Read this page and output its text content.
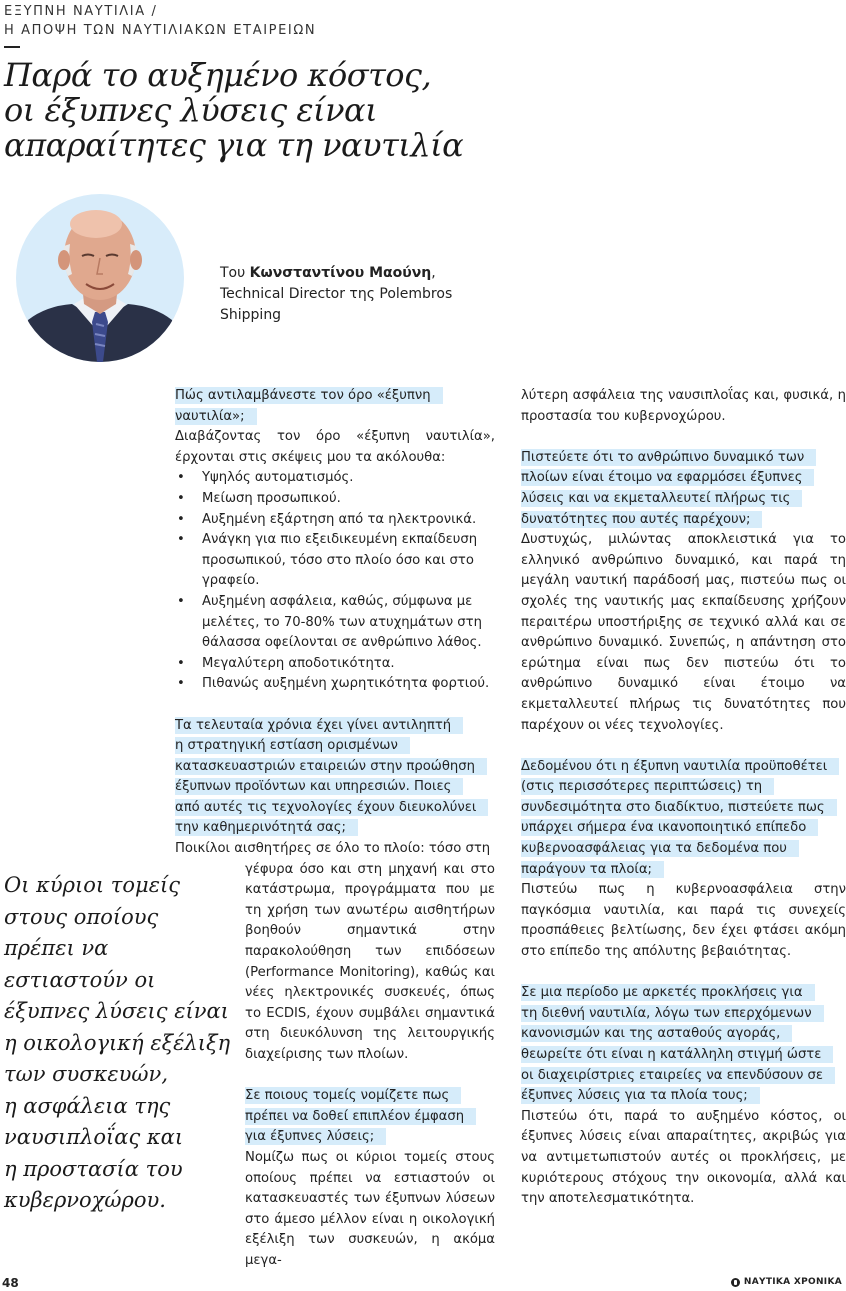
ΕΞΥΠΝΗ ΝΑΥΤΙΛΙΑ /
Η ΑΠΟΨΗ ΤΩΝ ΝΑΥΤΙΛΙΑΚΩΝ ΕΤΑΙΡΕΙΩΝ
Παρά το αυξημένο κόστος,
οι έξυπνες λύσεις είναι
απαραίτητες για τη ναυτιλία
Του Κωνσταντίνου Μαούνη,
Technical Director της Polembros
Shipping
Πώς αντιλαμβάνεστε τον όρο «έξυπνη ναυτιλία»;

Διαβάζοντας τον όρο «έξυπνη ναυτιλία», έρχονται στις σκέψεις μου τα ακόλουθα:

• Υψηλός αυτοματισμός.
• Μείωση προσωπικού.
• Αυξημένη εξάρτηση από τα ηλεκτρονικά.
• Ανάγκη για πιο εξειδικευμένη εκπαίδευση προσωπικού, τόσο στο πλοίο όσο και στο γραφείο.
• Αυξημένη ασφάλεια, καθώς, σύμφωνα με μελέτες, το 70-80% των ατυχημάτων στη θάλασσα οφείλονται σε ανθρώπινο λάθος.
• Μεγαλύτερη αποδοτικότητα.
• Πιθανώς αυξημένη χωρητικότητα φορτιού.
Τα τελευταία χρόνια έχει γίνει αντιληπτή
η στρατηγική εστίαση ορισμένων
κατασκευαστριών εταιρειών στην προώθηση
έξυπνων προϊόντων και υπηρεσιών. Ποιες
από αυτές τις τεχνολογίες έχουν διευκολύνει
την καθημερινότητά σας;

Ποικίλοι αισθητήρες σε όλο το πλοίο: τόσο στη

γέφυρα όσο και στη μηχανή και στο κατάστρωμα, προγράμματα που με τη χρήση των ανωτέρω αισθητήρων βοηθούν σημαντικά στην παρακολούθηση των επιδόσεων (Performance Monitoring), καθώς και νέες ηλεκτρονικές συσκευές, όπως το ECDIS, έχουν συμβάλει σημαντικά στη διευκόλυνση της λειτουργικής διαχείρισης των πλοίων.

Σε ποιους τομείς νομίζετε πως
πρέπει να δοθεί επιπλέον έμφαση
για έξυπνες λύσεις;

Νομίζω πως οι κύριοι τομείς στους οποίους πρέπει να εστιαστούν οι κατασκευαστές των έξυπνων λύσεων στο άμεσο μέλλον είναι η οικολογική εξέλιξη των συσκευών, η ακόμα μεγα-

λύτερη ασφάλεια της ναυσιπλοΐας και, φυσικά, η προστασία του κυβερνοχώρου.

Πιστεύετε ότι το ανθρώπινο δυναμικό των
πλοίων είναι έτοιμο να εφαρμόσει έξυπνες
λύσεις και να εκμεταλλευτεί πλήρως τις
δυνατότητες που αυτές παρέχουν;

Δυστυχώς, μιλώντας αποκλειστικά για το ελληνικό ανθρώπινο δυναμικό, και παρά τη μεγάλη ναυτική παράδοσή μας, πιστεύω πως οι σχολές της ναυτικής μας εκπαίδευσης χρήζουν περαιτέρω υποστήριξης σε τεχνικό αλλά και σε ανθρώπινο δυναμικό. Συνεπώς, η απάντηση στο ερώτημα είναι πως δεν πιστεύω ότι το ανθρώπινο δυναμικό είναι έτοιμο να εκμεταλλευτεί πλήρως τις δυνατότητες που παρέχουν οι νέες τεχνολογίες.

Δεδομένου ότι η έξυπνη ναυτιλία προϋποθέτει
(στις περισσότερες περιπτώσεις) τη
συνδεσιμότητα στο διαδίκτυο, πιστεύετε πως
υπάρχει σήμερα ένα ικανοποιητικό επίπεδο
κυβερνοασφάλειας για τα δεδομένα που
παράγουν τα πλοία;

Πιστεύω πως η κυβερνοασφάλεια στην παγκόσμια ναυτιλία, και παρά τις συνεχείς προσπάθειες βελτίωσης, δεν έχει φτάσει ακόμη στο επίπεδο της απόλυτης βεβαιότητας.

Σε μια περίοδο με αρκετές προκλήσεις για
τη διεθνή ναυτιλία, λόγω των επερχόμενων
κανονισμών και της ασταθούς αγοράς,
θεωρείτε ότι είναι η κατάλληλη στιγμή ώστε
οι διαχειρίστριες εταιρείες να επενδύσουν σε
έξυπνες λύσεις για τα πλοία τους;

Πιστεύω ότι, παρά το αυξημένο κόστος, οι έξυπνες λύσεις είναι απαραίτητες, ακριβώς για να αντιμετωπιστούν αυτές οι προκλήσεις, με κυριότερους στόχους την οικονομία, αλλά και την αποτελεσματικότητα.

Οι κύριοι τομείς
στους οποίους
πρέπει να
εστιαστούν οι
έξυπνες λύσεις είναι
η οικολογική εξέλιξη
των συσκευών,
η ασφάλεια της
ναυσιπλοΐας και
η προστασία του
κυβερνοχώρου.
48	ΝΑΥΤΙΚΑ ΧΡΟΝΙΚΑ
